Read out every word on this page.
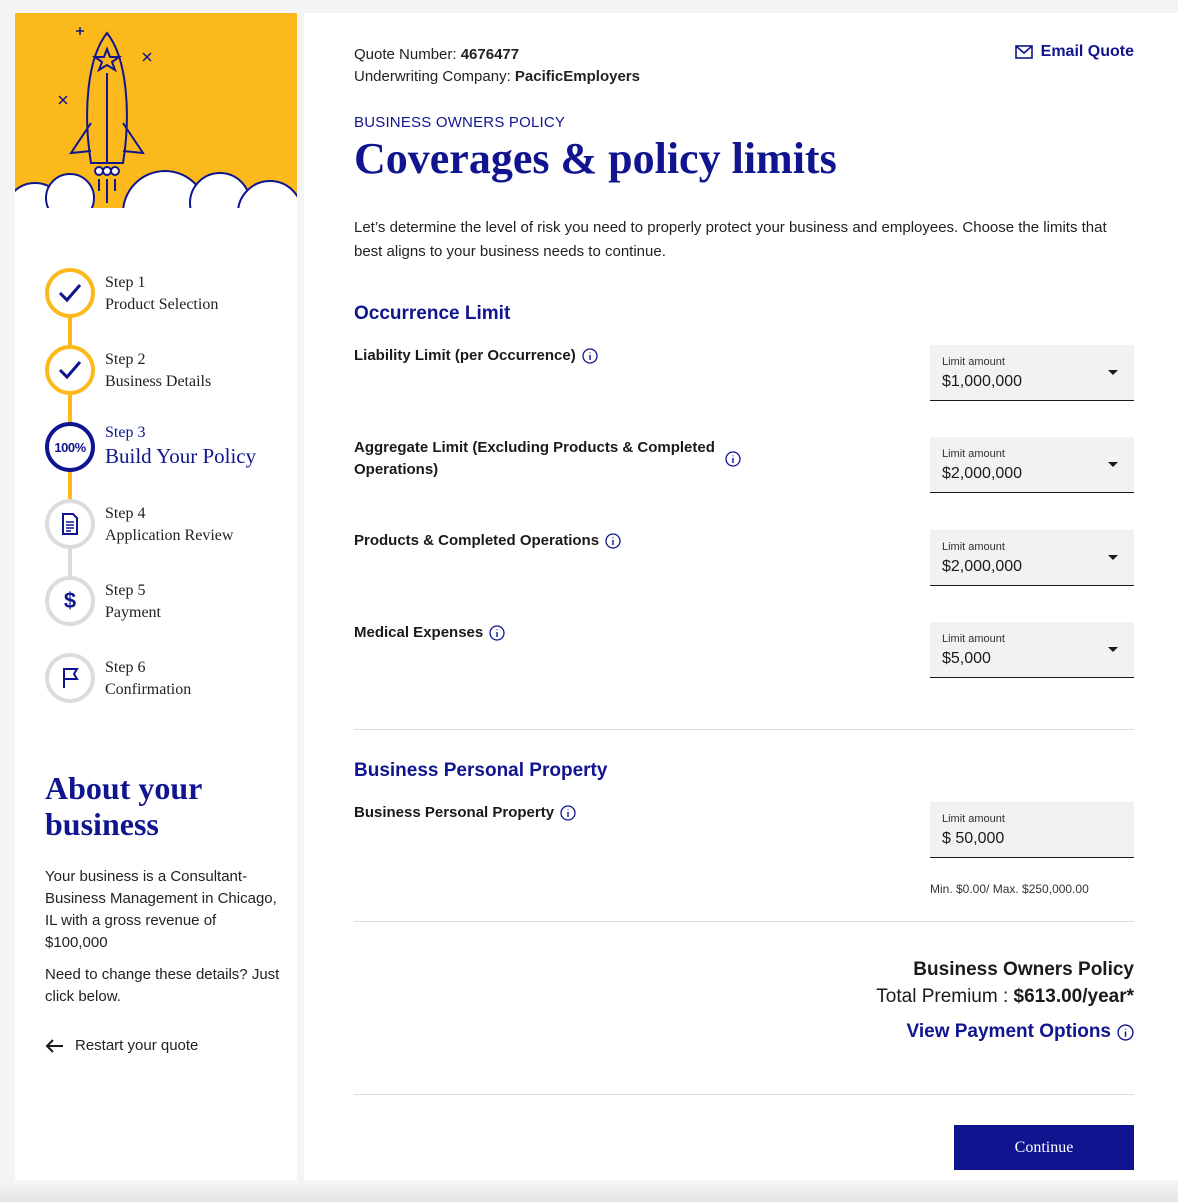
Step 1
Product Selection
Step 2
Business Details
100%
Step 3
Build Your Policy
Step 4
Application Review
$ Step 5
Payment
Step 6
Confirmation
About your business

Your business is a Consultant-Business Management in Chicago, IL with a gross revenue of $100,000

Need to change these details? Just click below.

Restart your quote
Quote Number: 4676477
Underwriting Company: PacificEmployers
Email Quote
BUSINESS OWNERS POLICY
Coverages & policy limits

Let’s determine the level of risk you need to properly protect your business and employees. Choose the limits that best aligns to your business needs to continue.

Occurrence Limit
Liability Limit (per Occurrence)	Limit amount
$1,000,000
Aggregate Limit (Excluding Products & Completed Operations)
Limit amount
$2,000,000
Products & Completed Operations	Limit amount
$2,000,000
Medical Expenses	Limit amount
$5,000
Business Personal Property
Business Personal Property	Limit amount
$ 50,000
Min. $0.00/ Max. $250,000.00
Business Owners Policy
Total Premium : $613.00/year*
View Payment Options
Continue
